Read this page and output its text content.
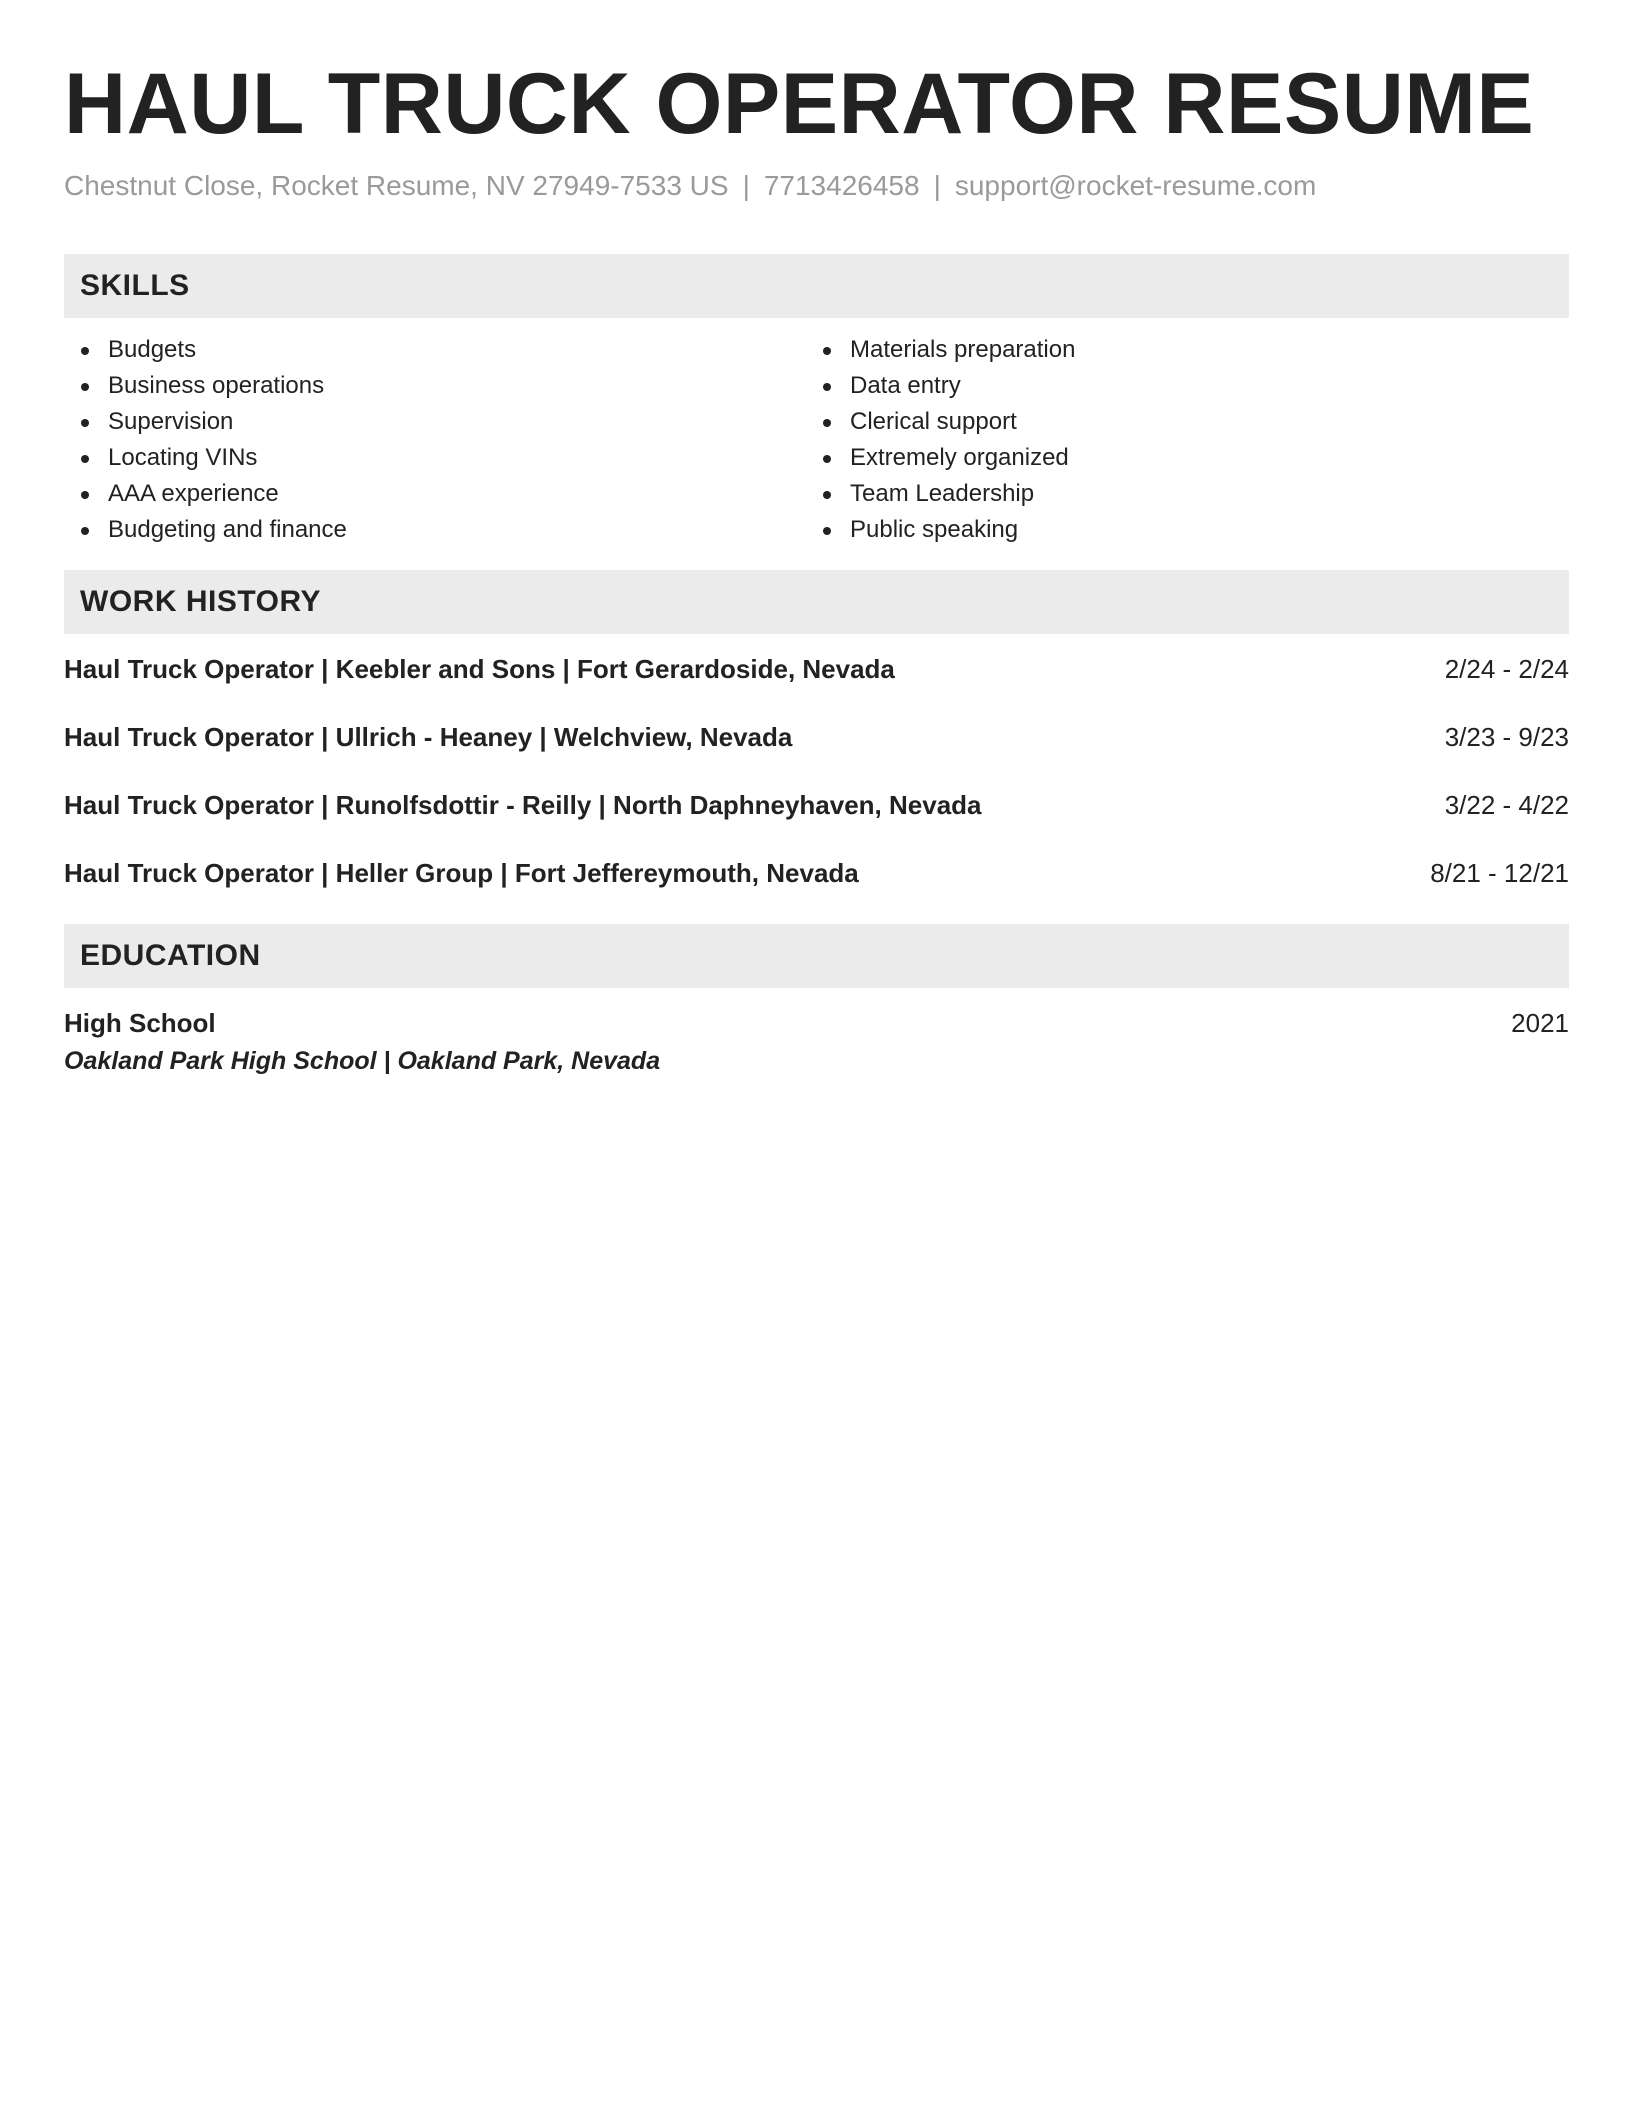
HAUL TRUCK OPERATOR RESUME
Chestnut Close, Rocket Resume, NV 27949-7533 US | 7713426458 | support@rocket-resume.com
SKILLS
Budgets
Business operations
Supervision
Locating VINs
AAA experience
Budgeting and finance
Materials preparation
Data entry
Clerical support
Extremely organized
Team Leadership
Public speaking
WORK HISTORY
Haul Truck Operator | Keebler and Sons | Fort Gerardoside, Nevada	2/24 - 2/24
Haul Truck Operator | Ullrich - Heaney | Welchview, Nevada	3/23 - 9/23
Haul Truck Operator | Runolfsdottir - Reilly | North Daphneyhaven, Nevada	3/22 - 4/22
Haul Truck Operator | Heller Group | Fort Jeffereymouth, Nevada	8/21 - 12/21
EDUCATION
High School	2021
Oakland Park High School | Oakland Park, Nevada
